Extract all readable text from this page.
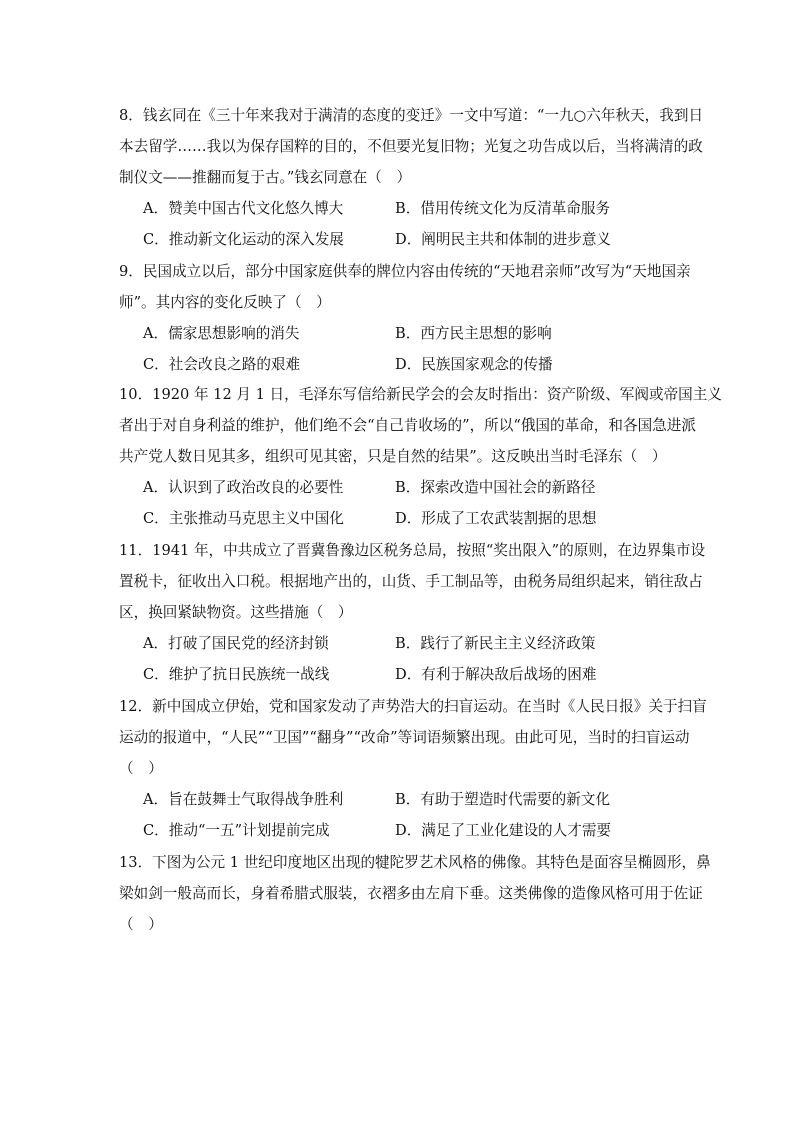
8．钱玄同在《三十年来我对于满清的态度的变迁》一文中写道：“一九○六年秋天，我到日
本去留学……我以为保存国粹的目的，不但要光复旧物；光复之功告成以后，当将满清的政
制仪文——推翻而复于古。”钱玄同意在（　）

A．赞美中国古代文化悠久博大	B．借用传统文化为反清革命服务
C．推动新文化运动的深入发展	D．阐明民主共和体制的进步意义

9．民国成立以后，部分中国家庭供奉的牌位内容由传统的“天地君亲师”改写为“天地国亲
师”。其内容的变化反映了（　）

A．儒家思想影响的消失	B．西方民主思想的影响
C．社会改良之路的艰难	D．民族国家观念的传播

10．1920 年 12 月 1 日，毛泽东写信给新民学会的会友时指出：资产阶级、军阀或帝国主义
者出于对自身利益的维护，他们绝不会“自己肯收场的”，所以“俄国的革命，和各国急进派
共产党人数日见其多，组织可见其密，只是自然的结果”。这反映出当时毛泽东（　）

A．认识到了政治改良的必要性	B．探索改造中国社会的新路径
C．主张推动马克思主义中国化	D．形成了工农武装割据的思想

11．1941 年，中共成立了晋冀鲁豫边区税务总局，按照“奖出限入”的原则，在边界集市设
置税卡，征收出入口税。根据地产出的，山货、手工制品等，由税务局组织起来，销往敌占
区，换回紧缺物资。这些措施（　）

A．打破了国民党的经济封锁	B．践行了新民主主义经济政策
C．维护了抗日民族统一战线	D．有利于解决敌后战场的困难

12．新中国成立伊始，党和国家发动了声势浩大的扫盲运动。在当时《人民日报》关于扫盲
运动的报道中，“人民”“卫国”“翻身”“改命”等词语频繁出现。由此可见，当时的扫盲运动
（　）

A．旨在鼓舞士气取得战争胜利	B．有助于塑造时代需要的新文化
C．推动“一五”计划提前完成	D．满足了工业化建设的人才需要

13．下图为公元 1 世纪印度地区出现的犍陀罗艺术风格的佛像。其特色是面容呈椭圆形，鼻
梁如剑一般高而长，身着希腊式服装，衣褶多由左肩下垂。这类佛像的造像风格可用于佐证
（　）
